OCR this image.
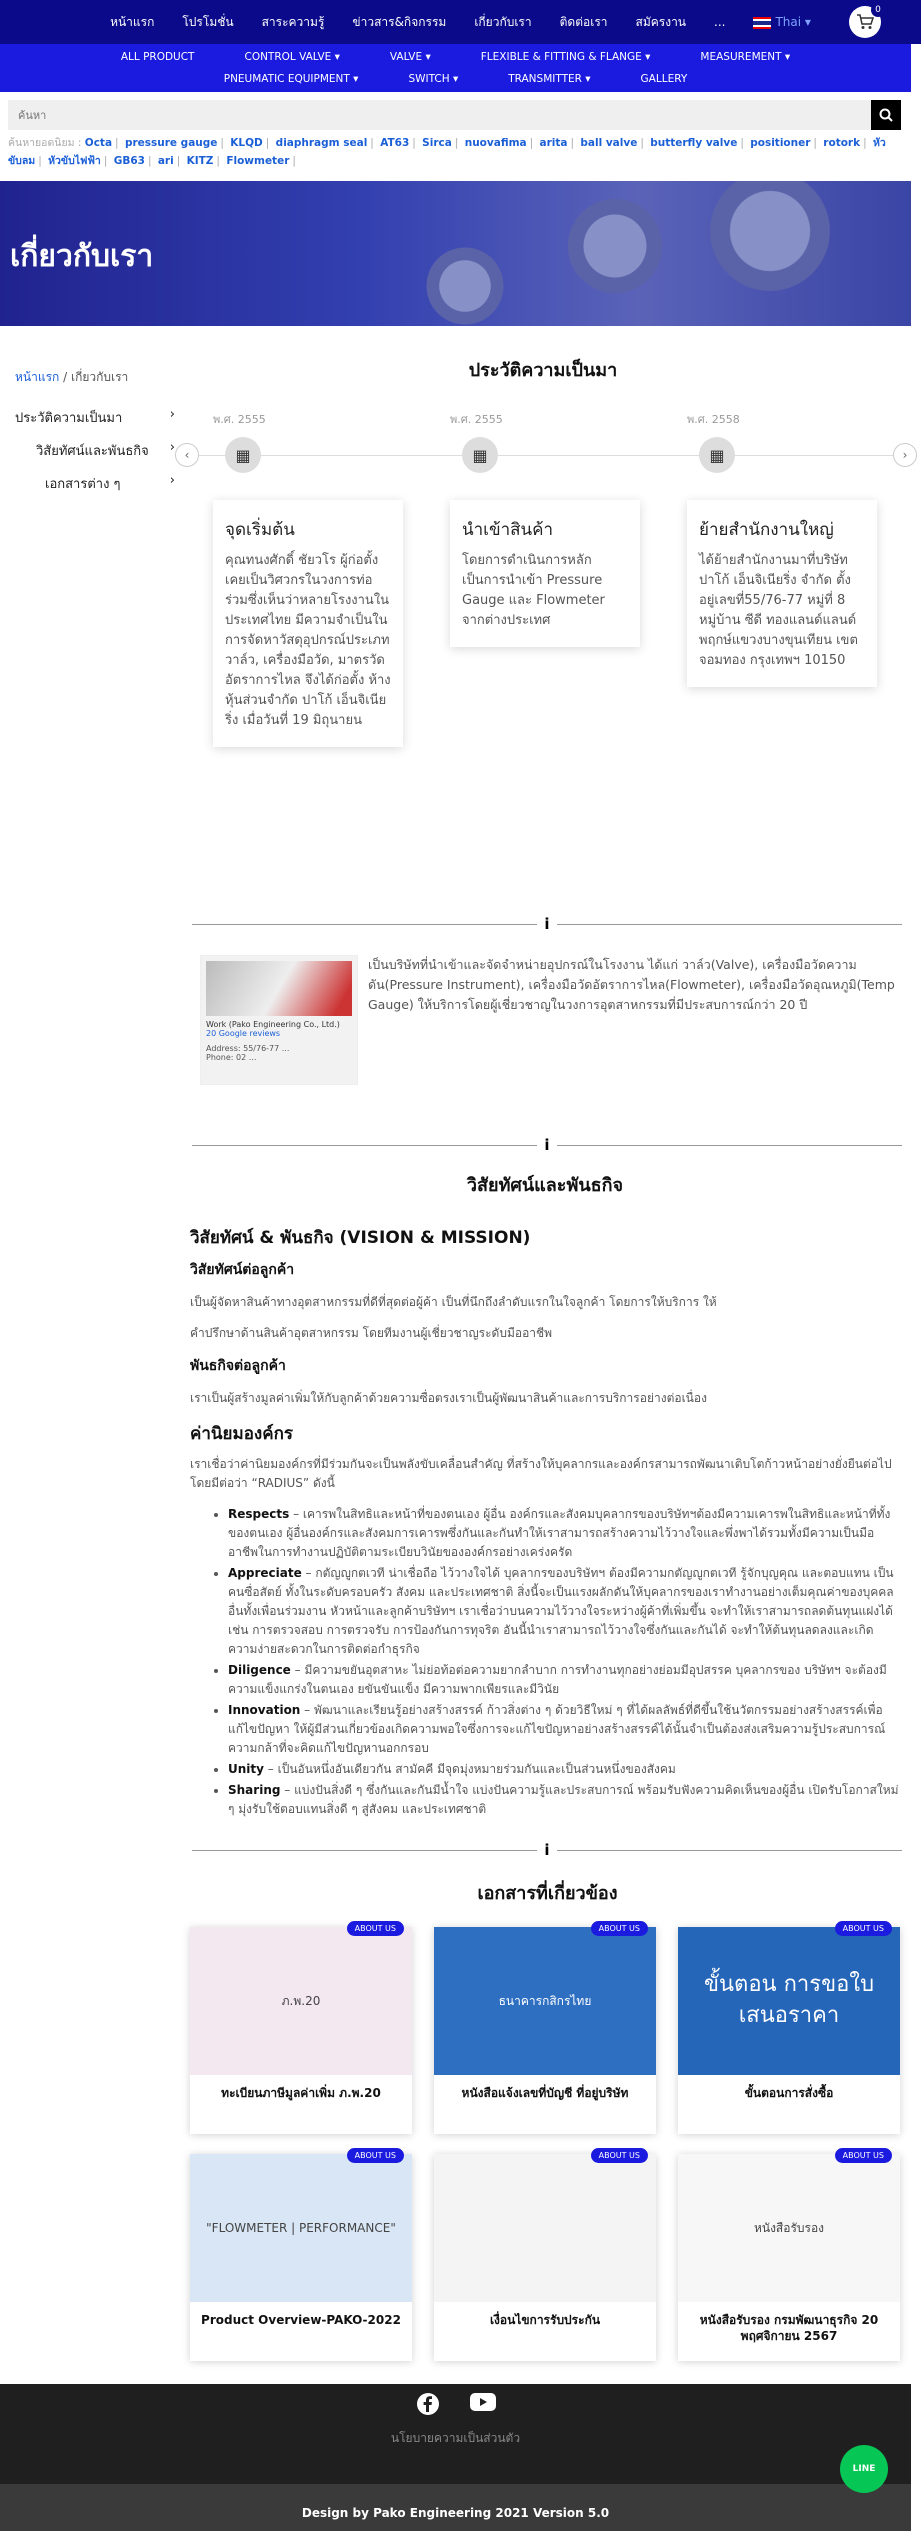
หน้าแรก โปรโมชั่น สาระความรู้ ข่าวสาร&กิจกรรม เกี่ยวกับเรา ติดต่อเรา สมัครงาน ...	Thai ▾
0
ALL PRODUCT	CONTROL VALVE ▾	VALVE ▾	FLEXIBLE & FITTING & FLANGE ▾	MEASUREMENT ▾
PNEUMATIC EQUIPMENT ▾	SWITCH ▾	TRANSMITTER ▾	GALLERY
ค้นหา
ค้นหายอดนิยม : Octa | pressure gauge | KLQD | diaphragm seal | AT63 | Sirca | nuovafima | arita | ball valve | butterfly valve | positioner | rotork | หัวขับลม | หัวขับไฟฟ้า | GB63 | ari | KITZ | Flowmeter |
เกี่ยวกับเรา
หน้าแรก / เกี่ยวกับเรา
ประวัติความเป็นมา	›
วิสัยทัศน์และพันธกิจ	›
เอกสารต่าง ๆ	›
ประวัติความเป็นมา
พ.ศ. 2555	พ.ศ. 2555	พ.ศ. 2558
‹	›
▦	▦	▦
จุดเริ่มต้น
คุณทนงศักดิ์ ชัยวโร ผู้ก่อตั้งเคยเป็นวิศวกรในวงการท่อร่วมซึ่งเห็นว่าหลายโรงงานในประเทศไทย มีความจำเป็นในการจัดหาวัสดุอุปกรณ์ประเภทวาล์ว, เครื่องมือวัด, มาตรวัดอัตราการไหล จึงได้ก่อตั้ง ห้างหุ้นส่วนจำกัด ปาโก้ เอ็นจิเนียริ่ง เมื่อวันที่ 19 มิถุนายน
นำเข้าสินค้า
โดยการดำเนินการหลักเป็นการนำเข้า Pressure Gauge และ Flowmeter จากต่างประเทศ
ย้ายสำนักงานใหญ่
ได้ย้ายสำนักงานมาที่บริษัท ปาโก้ เอ็นจิเนียริ่ง จำกัด ตั้งอยู่เลขที่55/76-77 หมู่ที่ 8 หมู่บ้าน ซีดี ทองแลนด์แลนด์พฤกษ์แขวงบางขุนเทียน เขตจอมทอง กรุงเทพฯ 10150
i
Work (Pako Engineering Co., Ltd.)
20 Google reviews
Address: 55/76-77 ...
Phone: 02 ...

เป็นบริษัทที่นำเข้าและจัดจำหน่ายอุปกรณ์ในโรงงาน ได้แก่ วาล์ว(Valve), เครื่องมือวัดความดัน(Pressure Instrument), เครื่องมือวัดอัตราการไหล(Flowmeter), เครื่องมือวัดอุณหภูมิ(Temp Gauge) ให้บริการโดยผู้เชี่ยวชาญในวงการอุตสาหกรรมที่มีประสบการณ์กว่า 20 ปี

i
วิสัยทัศน์และพันธกิจ
วิสัยทัศน์ & พันธกิจ (VISION & MISSION)
วิสัยทัศน์ต่อลูกค้า

เป็นผู้จัดหาสินค้าทางอุตสาหกรรมที่ดีที่สุดต่อผู้ค้า เป็นที่นึกถึงลำดับแรกในใจลูกค้า โดยการให้บริการ ให้

คำปรึกษาด้านสินค้าอุตสาหกรรม โดยทีมงานผู้เชี่ยวชาญระดับมืออาชีพ

พันธกิจต่อลูกค้า

เราเป็นผู้สร้างมูลค่าเพิ่มให้กับลูกค้าด้วยความซื่อตรงเราเป็นผู้พัฒนาสินค้าและการบริการอย่างต่อเนื่อง

ค่านิยมองค์กร

เราเชื่อว่าค่านิยมองค์กรที่มีร่วมกันจะเป็นพลังขับเคลื่อนสำคัญ ที่สร้างให้บุคลากรและองค์กรสามารถพัฒนาเติบโตก้าวหน้าอย่างยั่งยืนต่อไป โดยมีต่อว่า “RADIUS” ดังนี้

• Respects – เคารพในสิทธิและหน้าที่ของตนเอง ผู้อื่น องค์กรและสังคมบุคลากรของบริษัทฯต้องมีความเคารพในสิทธิและหน้าที่ทั้งของตนเอง ผู้อื่นองค์กรและสังคมการเคารพซึ่งกันและกันทำให้เราสามารถสร้างความไว้วางใจและพึ่งพาได้รวมทั้งมีความเป็นมืออาชีพในการทำงานปฏิบัติตามระเบียบวินัยขององค์กรอย่างเคร่งครัด
• Appreciate – กตัญญูกตเวที น่าเชื่อถือ ไว้วางใจได้ บุคลากรของบริษัทฯ ต้องมีความกตัญญูกตเวที รู้จักบุญคุณ และตอบแทน เป็นคนซื่อสัตย์ ทั้งในระดับครอบครัว สังคม และประเทศชาติ สิ่งนี้จะเป็นแรงผลักดันให้บุคลากรของเราทำงานอย่างเต็มคุณค่าของบุคคลอื่นทั้งเพื่อนร่วมงาน หัวหน้าและลูกค้าบริษัทฯ เราเชื่อว่าบนความไว้วางใจระหว่างผู้ค้าที่เพิ่มขึ้น จะทำให้เราสามารถลดต้นทุนแฝงได้ เช่น การตรวจสอบ การตรวจรับ การป้องกันการทุจริต อันนี้นำเราสามารถไว้วางใจซึ่งกันและกันได้ จะทำให้ต้นทุนลดลงและเกิดความง่ายสะดวกในการติดต่อกำธุรกิจ
• Diligence – มีความขยันอุตสาหะ ไม่ย่อท้อต่อความยากลำบาก การทำงานทุกอย่างย่อมมีอุปสรรค บุคลากรของ บริษัทฯ จะต้องมีความแข็งแกร่งในตนเอง ยขันขันแข็ง มีความพากเพียรและมีวินัย
• Innovation – พัฒนาและเรียนรู้อย่างสร้างสรรค์ ก้าวสิ่งต่าง ๆ ด้วยวิธีใหม่ ๆ ที่ได้ผลลัพธ์ที่ดีขึ้นใช้นวัตกรรมอย่างสร้างสรรค์เพื่อแก้ไขปัญหา ให้ผู้มีส่วนเกี่ยวข้องเกิดความพอใจซึ่งการจะแก้ไขปัญหาอย่างสร้างสรรค์ได้นั้นจำเป็นต้องส่งเสริมความรู้ประสบการณ์ความกล้าที่จะคิดแก้ไขปัญหานอกกรอบ
• Unity – เป็นอันหนึ่งอันเดียวกัน สามัคคี มีจุดมุ่งหมายร่วมกันและเป็นส่วนหนึ่งของสังคม
• Sharing – แบ่งปันสิ่งดี ๆ ซึ่งกันและกันมีน้ำใจ แบ่งปันความรู้และประสบการณ์ พร้อมรับฟังความคิดเห็นของผู้อื่น เปิดรับโอกาสใหม่ ๆ มุ่งรับใช้ตอบแทนสิ่งดี ๆ สู่สังคม และประเทศชาติ
i
เอกสารที่เกี่ยวข้อง
ภ.พ.20
ABOUT US
ทะเบียนภาษีมูลค่าเพิ่ม ภ.พ.20
ธนาคารกสิกรไทย
ABOUT US
หนังสือแจ้งเลขที่บัญชี ที่อยู่บริษัท
ขั้นตอน การขอใบเสนอราคา
ABOUT US
ขั้นตอนการสั่งซื้อ
"FLOWMETER | PERFORMANCE"
ABOUT US
Product Overview-PAKO-2022
ABOUT US
เงื่อนไขการรับประกัน
หนังสือรับรอง
ABOUT US
หนังสือรับรอง กรมพัฒนาธุรกิจ 20 พฤศจิกายน 2567
นโยบายความเป็นส่วนตัว
Design by Pako Engineering 2021 Version 5.0
LINE
